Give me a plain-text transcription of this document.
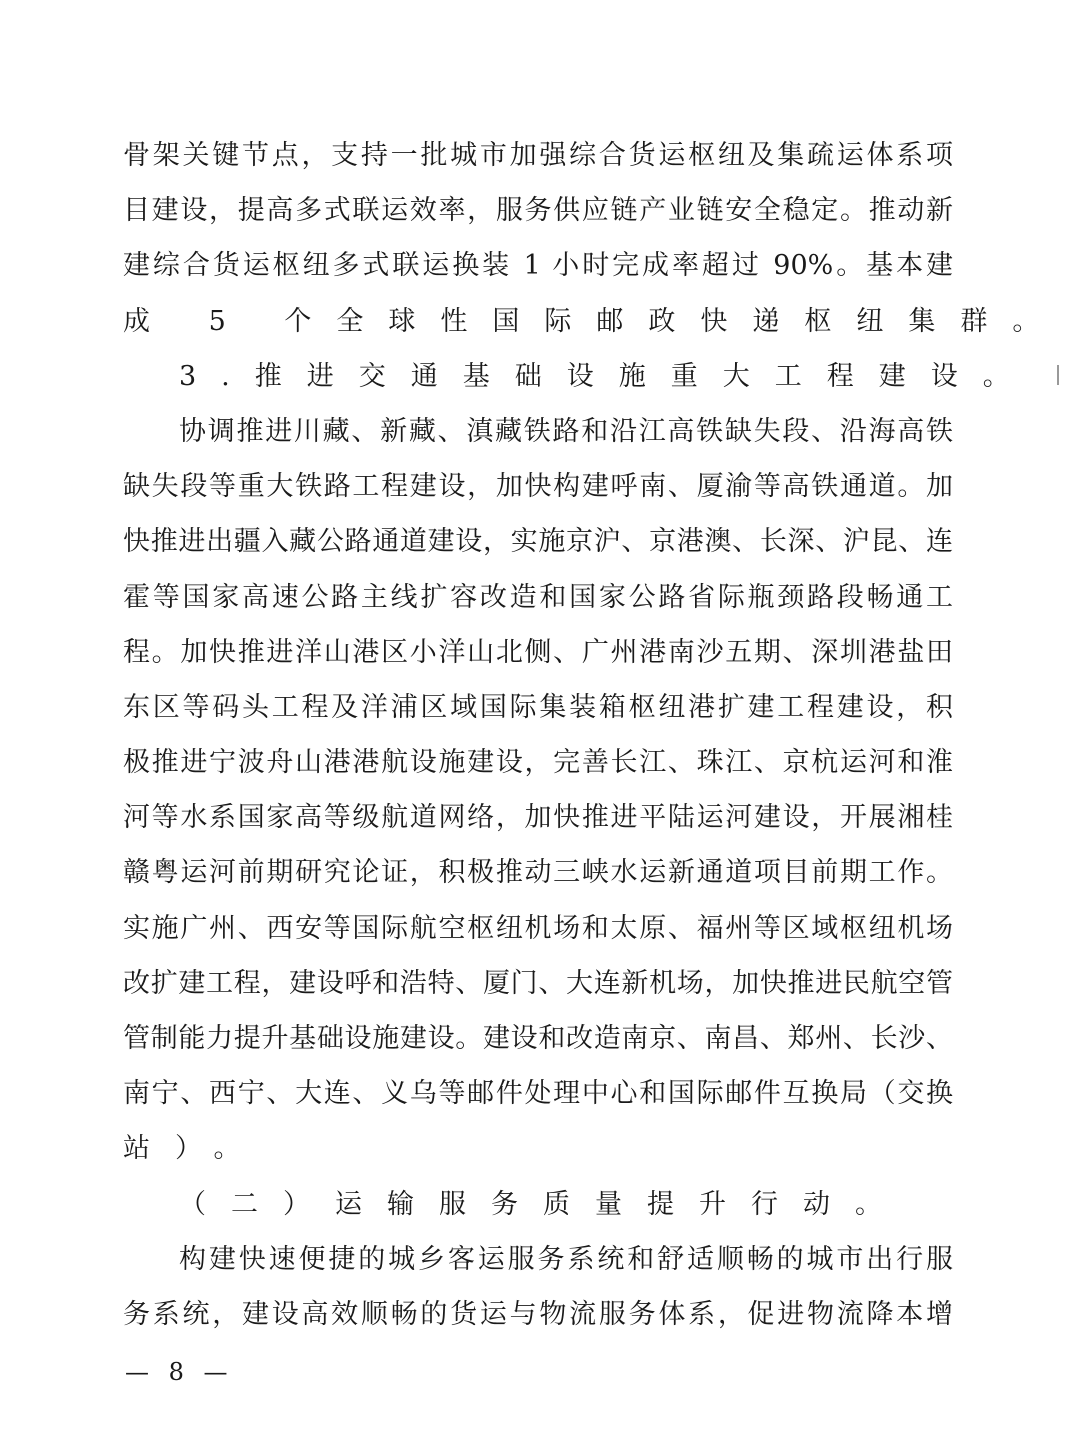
骨架关键节点，支持一批城市加强综合货运枢纽及集疏运体系项
目建设，提高多式联运效率，服务供应链产业链安全稳定。推动新
建综合货运枢纽多式联运换装 1 小时完成率超过 90%。基本建
成 5 个全球性国际邮政快递枢纽集群。
3.推进交通基础设施重大工程建设。
协调推进川藏、新藏、滇藏铁路和沿江高铁缺失段、沿海高铁
缺失段等重大铁路工程建设，加快构建呼南、厦渝等高铁通道。加
快推进出疆入藏公路通道建设，实施京沪、京港澳、长深、沪昆、连
霍等国家高速公路主线扩容改造和国家公路省际瓶颈路段畅通工
程。加快推进洋山港区小洋山北侧、广州港南沙五期、深圳港盐田
东区等码头工程及洋浦区域国际集装箱枢纽港扩建工程建设，积
极推进宁波舟山港港航设施建设，完善长江、珠江、京杭运河和淮
河等水系国家高等级航道网络，加快推进平陆运河建设，开展湘桂
赣粤运河前期研究论证，积极推动三峡水运新通道项目前期工作。
实施广州、西安等国际航空枢纽机场和太原、福州等区域枢纽机场
改扩建工程，建设呼和浩特、厦门、大连新机场，加快推进民航空管
管制能力提升基础设施建设。建设和改造南京、南昌、郑州、长沙、
南宁、西宁、大连、义乌等邮件处理中心和国际邮件互换局（交换
站）。
（二）运输服务质量提升行动。
构建快速便捷的城乡客运服务系统和舒适顺畅的城市出行服
务系统，建设高效顺畅的货运与物流服务体系，促进物流降本增
— 8 —
